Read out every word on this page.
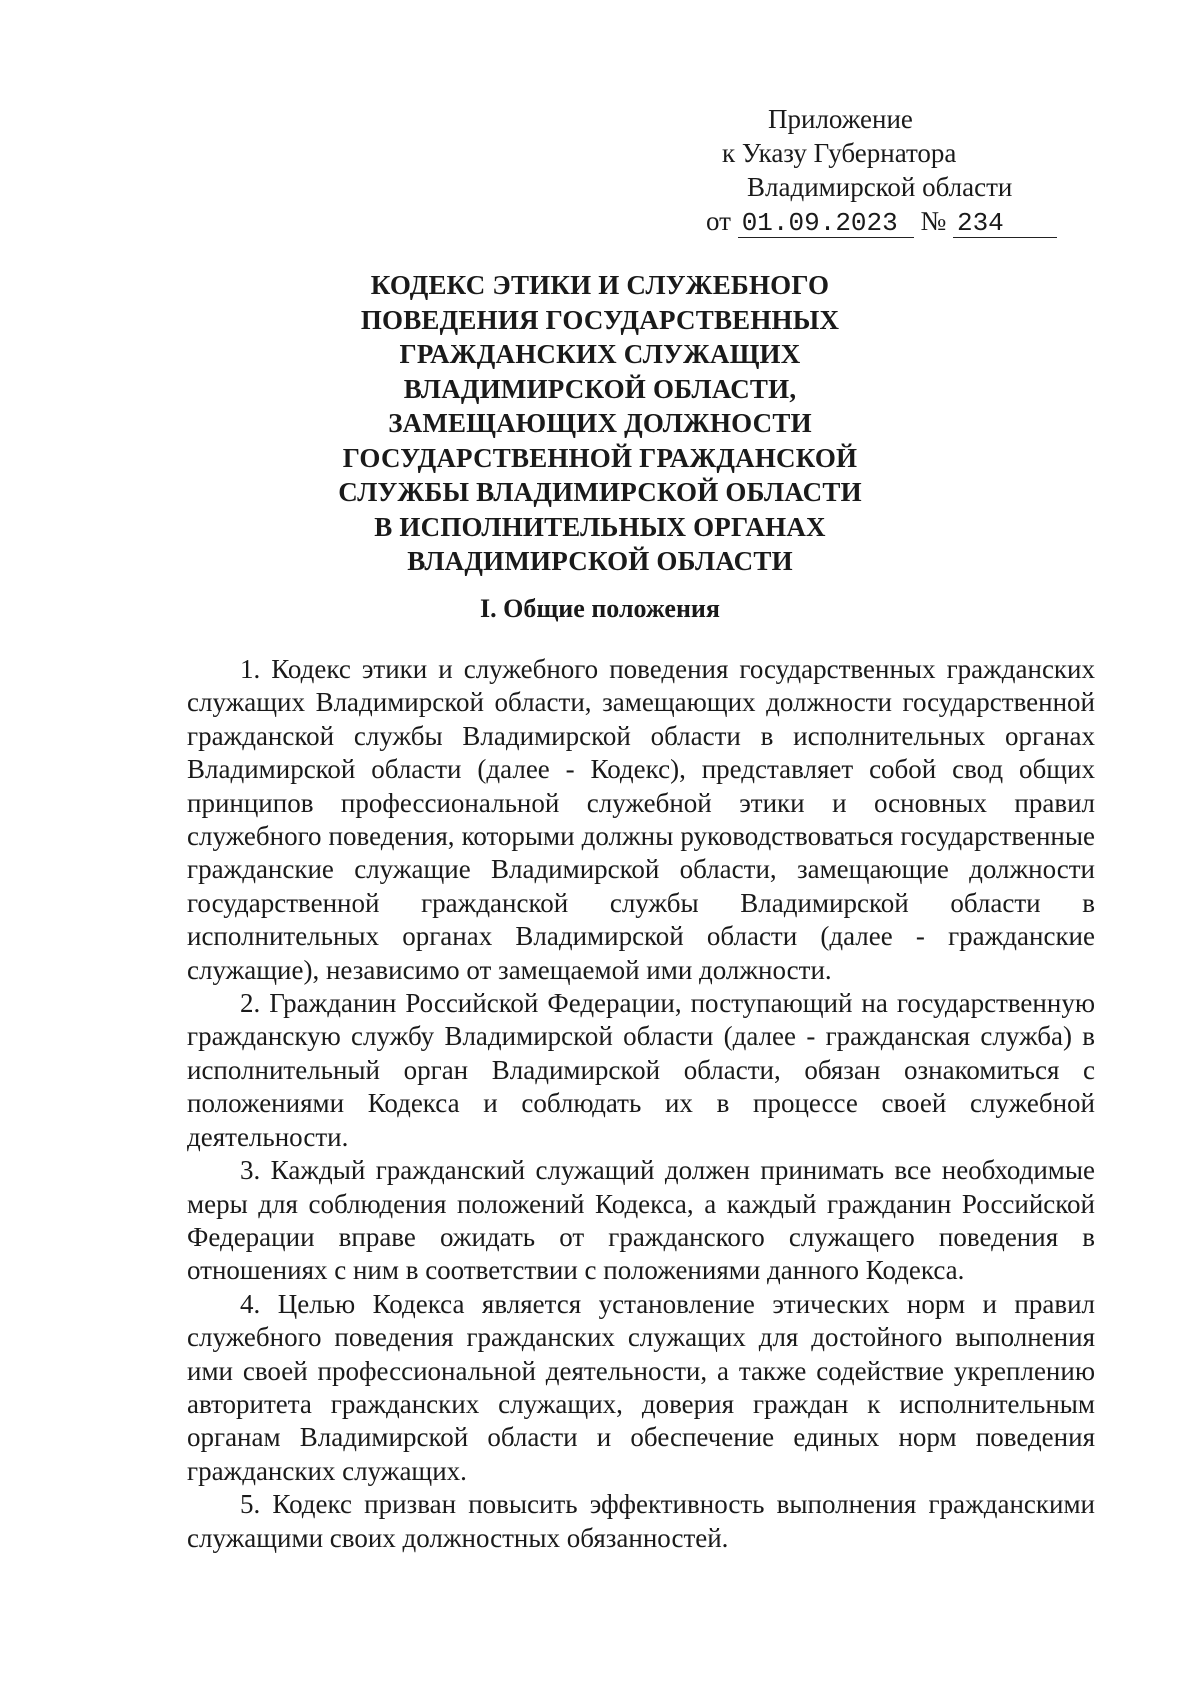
Приложение
к Указу Губернатора
Владимирской области
от 01.09.2023 № 234
КОДЕКС ЭТИКИ И СЛУЖЕБНОГО
ПОВЕДЕНИЯ ГОСУДАРСТВЕННЫХ
ГРАЖДАНСКИХ СЛУЖАЩИХ
ВЛАДИМИРСКОЙ ОБЛАСТИ,
ЗАМЕЩАЮЩИХ ДОЛЖНОСТИ
ГОСУДАРСТВЕННОЙ ГРАЖДАНСКОЙ
СЛУЖБЫ ВЛАДИМИРСКОЙ ОБЛАСТИ
В ИСПОЛНИТЕЛЬНЫХ ОРГАНАХ
ВЛАДИМИРСКОЙ ОБЛАСТИ
I. Общие положения

1. Кодекс этики и служебного поведения государственных гражданских служащих Владимирской области, замещающих должности государственной гражданской службы Владимирской области в исполнительных органах Владимирской области (далее - Кодекс), представляет собой свод общих принципов профессиональной служебной этики и основных правил служебного поведения, которыми должны руководствоваться государственные гражданские служащие Владимирской области, замещающие должности государственной гражданской службы Владимирской области в исполнительных органах Владимирской области (далее - гражданские служащие), независимо от замещаемой ими должности.

2. Гражданин Российской Федерации, поступающий на государственную гражданскую службу Владимирской области (далее - гражданская служба) в исполнительный орган Владимирской области, обязан ознакомиться с положениями Кодекса и соблюдать их в процессе своей служебной деятельности.

3. Каждый гражданский служащий должен принимать все необходимые меры для соблюдения положений Кодекса, а каждый гражданин Российской Федерации вправе ожидать от гражданского служащего поведения в отношениях с ним в соответствии с положениями данного Кодекса.

4. Целью Кодекса является установление этических норм и правил служебного поведения гражданских служащих для достойного выполнения ими своей профессиональной деятельности, а также содействие укреплению авторитета гражданских служащих, доверия граждан к исполнительным органам Владимирской области и обеспечение единых норм поведения гражданских служащих.

5. Кодекс призван повысить эффективность выполнения гражданскими служащими своих должностных обязанностей.
